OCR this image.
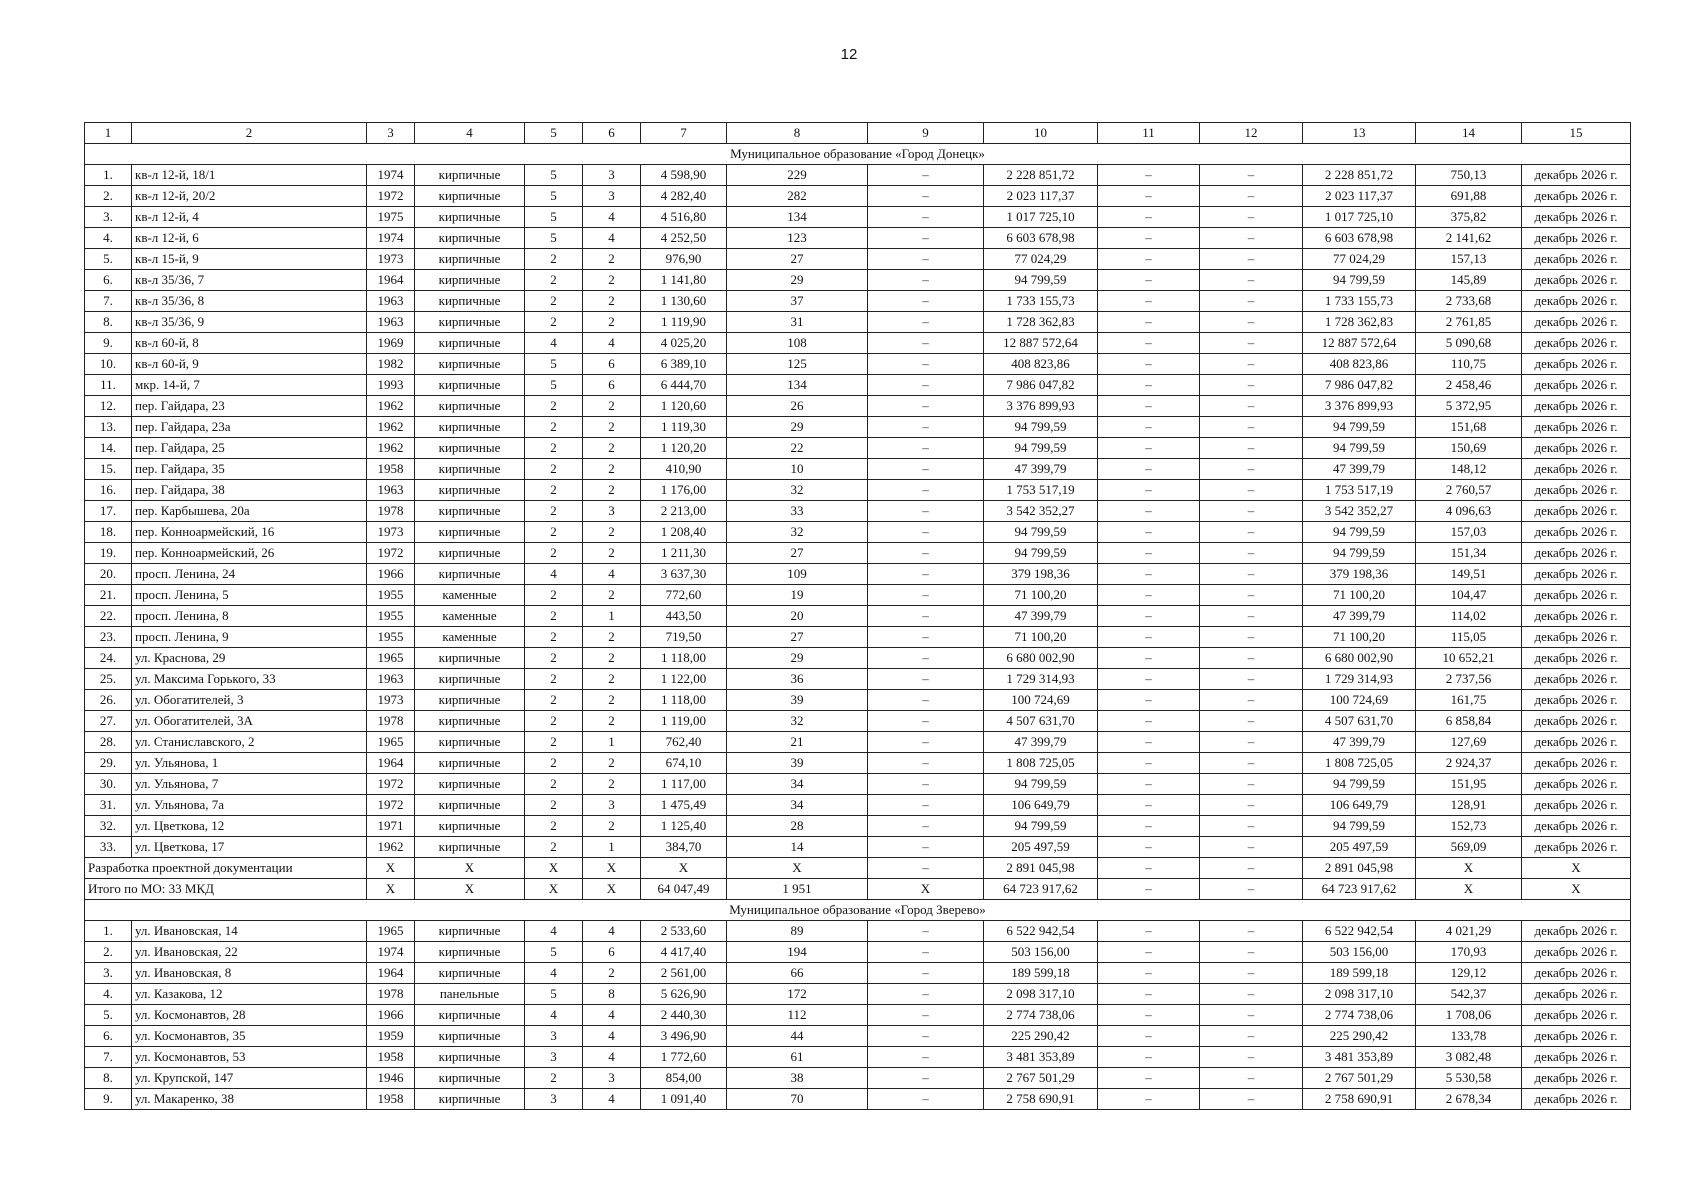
12
1	2	3	4	5	6	7	8	9	10	11	12	13	14	15
Муниципальное образование «Город Донецк»														
1.	кв-л 12-й, 18/1	1974	кирпичные	5	3	4 598,90	229	–	2 228 851,72	–	–	2 228 851,72	750,13	декабрь 2026 г.
2.	кв-л 12-й, 20/2	1972	кирпичные	5	3	4 282,40	282	–	2 023 117,37	–	–	2 023 117,37	691,88	декабрь 2026 г.
3.	кв-л 12-й, 4	1975	кирпичные	5	4	4 516,80	134	–	1 017 725,10	–	–	1 017 725,10	375,82	декабрь 2026 г.
4.	кв-л 12-й, 6	1974	кирпичные	5	4	4 252,50	123	–	6 603 678,98	–	–	6 603 678,98	2 141,62	декабрь 2026 г.
5.	кв-л 15-й, 9	1973	кирпичные	2	2	976,90	27	–	77 024,29	–	–	77 024,29	157,13	декабрь 2026 г.
6.	кв-л 35/36, 7	1964	кирпичные	2	2	1 141,80	29	–	94 799,59	–	–	94 799,59	145,89	декабрь 2026 г.
7.	кв-л 35/36, 8	1963	кирпичные	2	2	1 130,60	37	–	1 733 155,73	–	–	1 733 155,73	2 733,68	декабрь 2026 г.
8.	кв-л 35/36, 9	1963	кирпичные	2	2	1 119,90	31	–	1 728 362,83	–	–	1 728 362,83	2 761,85	декабрь 2026 г.
9.	кв-л 60-й, 8	1969	кирпичные	4	4	4 025,20	108	–	12 887 572,64	–	–	12 887 572,64	5 090,68	декабрь 2026 г.
10.	кв-л 60-й, 9	1982	кирпичные	5	6	6 389,10	125	–	408 823,86	–	–	408 823,86	110,75	декабрь 2026 г.
11.	мкр. 14-й, 7	1993	кирпичные	5	6	6 444,70	134	–	7 986 047,82	–	–	7 986 047,82	2 458,46	декабрь 2026 г.
12.	пер. Гайдара, 23	1962	кирпичные	2	2	1 120,60	26	–	3 376 899,93	–	–	3 376 899,93	5 372,95	декабрь 2026 г.
13.	пер. Гайдара, 23а	1962	кирпичные	2	2	1 119,30	29	–	94 799,59	–	–	94 799,59	151,68	декабрь 2026 г.
14.	пер. Гайдара, 25	1962	кирпичные	2	2	1 120,20	22	–	94 799,59	–	–	94 799,59	150,69	декабрь 2026 г.
15.	пер. Гайдара, 35	1958	кирпичные	2	2	410,90	10	–	47 399,79	–	–	47 399,79	148,12	декабрь 2026 г.
16.	пер. Гайдара, 38	1963	кирпичные	2	2	1 176,00	32	–	1 753 517,19	–	–	1 753 517,19	2 760,57	декабрь 2026 г.
17.	пер. Карбышева, 20а	1978	кирпичные	2	3	2 213,00	33	–	3 542 352,27	–	–	3 542 352,27	4 096,63	декабрь 2026 г.
18.	пер. Конноармейский, 16	1973	кирпичные	2	2	1 208,40	32	–	94 799,59	–	–	94 799,59	157,03	декабрь 2026 г.
19.	пер. Конноармейский, 26	1972	кирпичные	2	2	1 211,30	27	–	94 799,59	–	–	94 799,59	151,34	декабрь 2026 г.
20.	просп. Ленина, 24	1966	кирпичные	4	4	3 637,30	109	–	379 198,36	–	–	379 198,36	149,51	декабрь 2026 г.
21.	просп. Ленина, 5	1955	каменные	2	2	772,60	19	–	71 100,20	–	–	71 100,20	104,47	декабрь 2026 г.
22.	просп. Ленина, 8	1955	каменные	2	1	443,50	20	–	47 399,79	–	–	47 399,79	114,02	декабрь 2026 г.
23.	просп. Ленина, 9	1955	каменные	2	2	719,50	27	–	71 100,20	–	–	71 100,20	115,05	декабрь 2026 г.
24.	ул. Краснова, 29	1965	кирпичные	2	2	1 118,00	29	–	6 680 002,90	–	–	6 680 002,90	10 652,21	декабрь 2026 г.
25.	ул. Максима Горького, 33	1963	кирпичные	2	2	1 122,00	36	–	1 729 314,93	–	–	1 729 314,93	2 737,56	декабрь 2026 г.
26.	ул. Обогатителей, 3	1973	кирпичные	2	2	1 118,00	39	–	100 724,69	–	–	100 724,69	161,75	декабрь 2026 г.
27.	ул. Обогатителей, 3А	1978	кирпичные	2	2	1 119,00	32	–	4 507 631,70	–	–	4 507 631,70	6 858,84	декабрь 2026 г.
28.	ул. Станиславского, 2	1965	кирпичные	2	1	762,40	21	–	47 399,79	–	–	47 399,79	127,69	декабрь 2026 г.
29.	ул. Ульянова, 1	1964	кирпичные	2	2	674,10	39	–	1 808 725,05	–	–	1 808 725,05	2 924,37	декабрь 2026 г.
30.	ул. Ульянова, 7	1972	кирпичные	2	2	1 117,00	34	–	94 799,59	–	–	94 799,59	151,95	декабрь 2026 г.
31.	ул. Ульянова, 7а	1972	кирпичные	2	3	1 475,49	34	–	106 649,79	–	–	106 649,79	128,91	декабрь 2026 г.
32.	ул. Цветкова, 12	1971	кирпичные	2	2	1 125,40	28	–	94 799,59	–	–	94 799,59	152,73	декабрь 2026 г.
33.	ул. Цветкова, 17	1962	кирпичные	2	1	384,70	14	–	205 497,59	–	–	205 497,59	569,09	декабрь 2026 г.
Разработка проектной документации		Х	Х	Х	Х	Х	Х	–	2 891 045,98	–	–	2 891 045,98	Х	Х
Итого по МО: 33 МКД		Х	Х	Х	Х	64 047,49	1 951	Х	64 723 917,62	–	–	64 723 917,62	Х	Х
Муниципальное образование «Город Зверево»														
1.	ул. Ивановская, 14	1965	кирпичные	4	4	2 533,60	89	–	6 522 942,54	–	–	6 522 942,54	4 021,29	декабрь 2026 г.
2.	ул. Ивановская, 22	1974	кирпичные	5	6	4 417,40	194	–	503 156,00	–	–	503 156,00	170,93	декабрь 2026 г.
3.	ул. Ивановская, 8	1964	кирпичные	4	2	2 561,00	66	–	189 599,18	–	–	189 599,18	129,12	декабрь 2026 г.
4.	ул. Казакова, 12	1978	панельные	5	8	5 626,90	172	–	2 098 317,10	–	–	2 098 317,10	542,37	декабрь 2026 г.
5.	ул. Космонавтов, 28	1966	кирпичные	4	4	2 440,30	112	–	2 774 738,06	–	–	2 774 738,06	1 708,06	декабрь 2026 г.
6.	ул. Космонавтов, 35	1959	кирпичные	3	4	3 496,90	44	–	225 290,42	–	–	225 290,42	133,78	декабрь 2026 г.
7.	ул. Космонавтов, 53	1958	кирпичные	3	4	1 772,60	61	–	3 481 353,89	–	–	3 481 353,89	3 082,48	декабрь 2026 г.
8.	ул. Крупской, 147	1946	кирпичные	2	3	854,00	38	–	2 767 501,29	–	–	2 767 501,29	5 530,58	декабрь 2026 г.
9.	ул. Макаренко, 38	1958	кирпичные	3	4	1 091,40	70	–	2 758 690,91	–	–	2 758 690,91	2 678,34	декабрь 2026 г.
